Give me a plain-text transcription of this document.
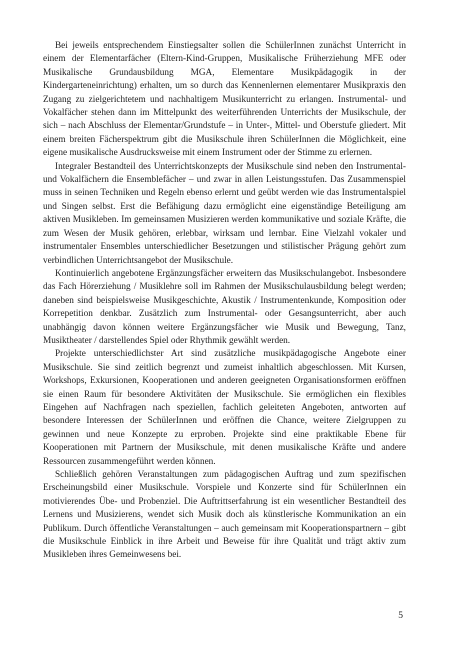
Bei jeweils entsprechendem Einstiegsalter sollen die SchülerInnen zunächst Unterricht in einem der Elementarfächer (Eltern-Kind-Gruppen, Musikalische Früherziehung MFE oder Musikalische Grundausbildung MGA, Elementare Musikpädagogik in der Kindergarteneinrichtung) erhalten, um so durch das Kennenlernen elementarer Musikpraxis den Zugang zu zielgerichtetem und nachhaltigem Musikunterricht zu erlangen. Instrumental- und Vokalfächer stehen dann im Mittelpunkt des weiterführenden Unterrichts der Musikschule, der sich – nach Abschluss der Elementar/Grundstufe – in Unter-, Mittel- und Oberstufe gliedert. Mit einem breiten Fächerspektrum gibt die Musikschule ihren SchülerInnen die Möglichkeit, eine eigene musikalische Ausdrucksweise mit einem Instrument oder der Stimme zu erlernen.

Integraler Bestandteil des Unterrichtskonzepts der Musikschule sind neben den Instrumental- und Vokalfächern die Ensemblefächer – und zwar in allen Leistungsstufen. Das Zusammenspiel muss in seinen Techniken und Regeln ebenso erlernt und geübt werden wie das Instrumentalspiel und Singen selbst. Erst die Befähigung dazu ermöglicht eine eigenständige Beteiligung am aktiven Musikleben. Im gemeinsamen Musizieren werden kommunikative und soziale Kräfte, die zum Wesen der Musik gehören, erlebbar, wirksam und lernbar. Eine Vielzahl vokaler und instrumentaler Ensembles unterschiedlicher Besetzungen und stilistischer Prägung gehört zum verbindlichen Unterrichtsangebot der Musikschule.

Kontinuierlich angebotene Ergänzungsfächer erweitern das Musikschulangebot. Insbesondere das Fach Hörerziehung / Musiklehre soll im Rahmen der Musikschulausbildung belegt werden; daneben sind beispielsweise Musikgeschichte, Akustik / Instrumentenkunde, Komposition oder Korrepetition denkbar. Zusätzlich zum Instrumental- oder Gesangsunterricht, aber auch unabhängig davon können weitere Ergänzungsfächer wie Musik und Bewegung, Tanz, Musiktheater / darstellendes Spiel oder Rhythmik gewählt werden.

Projekte unterschiedlichster Art sind zusätzliche musikpädagogische Angebote einer Musikschule. Sie sind zeitlich begrenzt und zumeist inhaltlich abgeschlossen. Mit Kursen, Workshops, Exkursionen, Kooperationen und anderen geeigneten Organisationsformen eröffnen sie einen Raum für besondere Aktivitäten der Musikschule. Sie ermöglichen ein flexibles Eingehen auf Nachfragen nach speziellen, fachlich geleiteten Angeboten, antworten auf besondere Interessen der SchülerInnen und eröffnen die Chance, weitere Zielgruppen zu gewinnen und neue Konzepte zu erproben. Projekte sind eine praktikable Ebene für Kooperationen mit Partnern der Musikschule, mit denen musikalische Kräfte und andere Ressourcen zusammengeführt werden können.

Schließlich gehören Veranstaltungen zum pädagogischen Auftrag und zum spezifischen Erscheinungsbild einer Musikschule. Vorspiele und Konzerte sind für SchülerInnen ein motivierendes Übe- und Probenziel. Die Auftrittserfahrung ist ein wesentlicher Bestandteil des Lernens und Musizierens, wendet sich Musik doch als künstlerische Kommunikation an ein Publikum. Durch öffentliche Veranstaltungen – auch gemeinsam mit Kooperationspartnern – gibt die Musikschule Einblick in ihre Arbeit und Beweise für ihre Qualität und trägt aktiv zum Musikleben ihres Gemeinwesens bei.

5
